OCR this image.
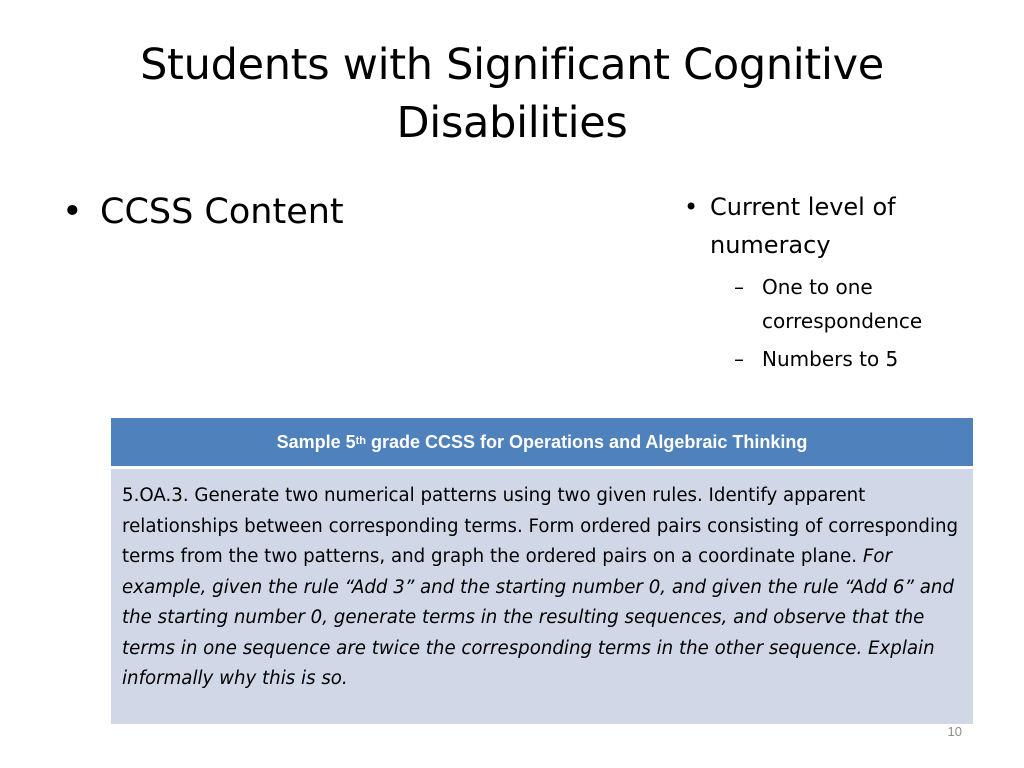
Students with Significant Cognitive Disabilities
• CCSS Content	• Current level of numeracy
– One to one correspondence
– Numbers to 5
Sample 5th grade CCSS for Operations and Algebraic Thinking
5.OA.3. Generate two numerical patterns using two given rules. Identify apparent relationships between corresponding terms. Form ordered pairs consisting of corresponding terms from the two patterns, and graph the ordered pairs on a coordinate plane. For example, given the rule “Add 3” and the starting number 0, and given the rule “Add 6” and the starting number 0, generate terms in the resulting sequences, and observe that the terms in one sequence are twice the corresponding terms in the other sequence. Explain informally why this is so.
10
